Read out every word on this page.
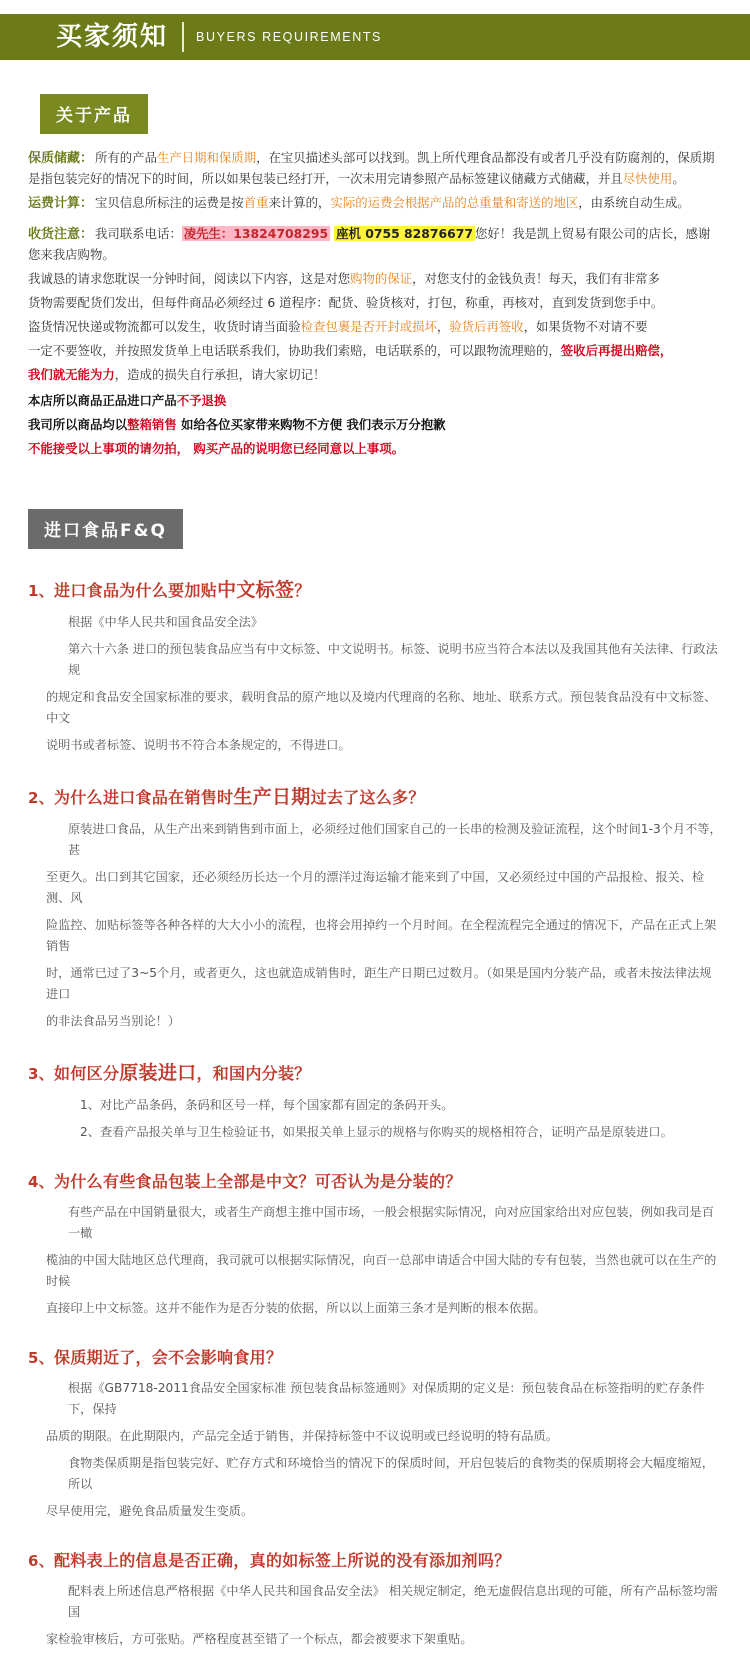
买家须知	BUYERS REQUIREMENTS
关于产品
保质储藏： 所有的产品生产日期和保质期，在宝贝描述头部可以找到。凯上所代理食品都没有或者几乎没有防腐剂的，保质期是指包装完好的情况下的时间，所以如果包装已经打开，一次未用完请参照产品标签建议储藏方式储藏，并且尽快使用。
运费计算： 宝贝信息所标注的运费是按首重来计算的，实际的运费会根据产品的总重量和寄送的地区，由系统自动生成。
收货注意： 我司联系电话： 凌先生：13824708295 座机 0755 82876677 您好！我是凯上贸易有限公司的店长，感谢您来我店购物。
我诚恳的请求您耽误一分钟时间，阅读以下内容，这是对您购物的保证，对您支付的金钱负责！每天，我们有非常多
货物需要配货们发出，但每件商品必须经过 6 道程序：配货、验货核对，打包，称重，再核对，直到发货到您手中。
盗货情况快递或物流都可以发生，收货时请当面验检查包裹是否开封或损坏，验货后再签收，如果货物不对请不要
一定不要签收，并按照发货单上电话联系我们，协助我们索赔，电话联系的，可以跟物流理赔的，签收后再提出赔偿，
我们就无能为力，造成的损失自行承担，请大家切记！
本店所以商品正品进口产品不予退换
我司所以商品均以整箱销售 如给各位买家带来购物不方便 我们表示万分抱歉
不能接受以上事项的请勿拍， 购买产品的说明您已经同意以上事项。
进口食品F&Q
1、进口食品为什么要加贴中文标签？
根据《中华人民共和国食品安全法》
第六十六条 进口的预包装食品应当有中文标签、中文说明书。标签、说明书应当符合本法以及我国其他有关法律、行政法规
的规定和食品安全国家标准的要求，载明食品的原产地以及境内代理商的名称、地址、联系方式。预包装食品没有中文标签、中文
说明书或者标签、说明书不符合本条规定的，不得进口。
2、为什么进口食品在销售时生产日期过去了这么多？
原装进口食品，从生产出来到销售到市面上，必须经过他们国家自己的一长串的检测及验证流程，这个时间1-3个月不等，甚
至更久。出口到其它国家，还必须经历长达一个月的漂洋过海运输才能来到了中国，又必须经过中国的产品报检、报关、检测、风
险监控、加贴标签等各种各样的大大小小的流程，也将会用掉约一个月时间。在全程流程完全通过的情况下，产品在正式上架销售
时，通常已过了3~5个月，或者更久，这也就造成销售时，距生产日期已过数月。（如果是国内分装产品，或者未按法律法规进口
的非法食品另当别论！）
3、如何区分原装进口，和国内分装？
1、对比产品条码，条码和区号一样，每个国家都有固定的条码开头。
2、查看产品报关单与卫生检验证书，如果报关单上显示的规格与你购买的规格相符合，证明产品是原装进口。
4、为什么有些食品包装上全部是中文？可否认为是分装的？
有些产品在中国销量很大，或者生产商想主推中国市场，一般会根据实际情况，向对应国家给出对应包装，例如我司是百一橄
榄油的中国大陆地区总代理商，我司就可以根据实际情况，向百一总部申请适合中国大陆的专有包装，当然也就可以在生产的时候
直接印上中文标签。这并不能作为是否分装的依据，所以以上面第三条才是判断的根本依据。
5、保质期近了，会不会影响食用？
根据《GB7718-2011食品安全国家标准 预包装食品标签通则》对保质期的定义是：预包装食品在标签指明的贮存条件下，保持
品质的期限。在此期限内，产品完全适于销售，并保持标签中不议说明或已经说明的特有品质。
食物类保质期是指包装完好、贮存方式和环境恰当的情况下的保质时间，开启包装后的食物类的保质期将会大幅度缩短，所以
尽早使用完，避免食品质量发生变质。
6、配料表上的信息是否正确，真的如标签上所说的没有添加剂吗？
配料表上所述信息严格根据《中华人民共和国食品安全法》 相关规定制定，绝无虚假信息出现的可能，所有产品标签均需国
家检验审核后，方可张贴。严格程度甚至错了一个标点，都会被要求下架重贴。
